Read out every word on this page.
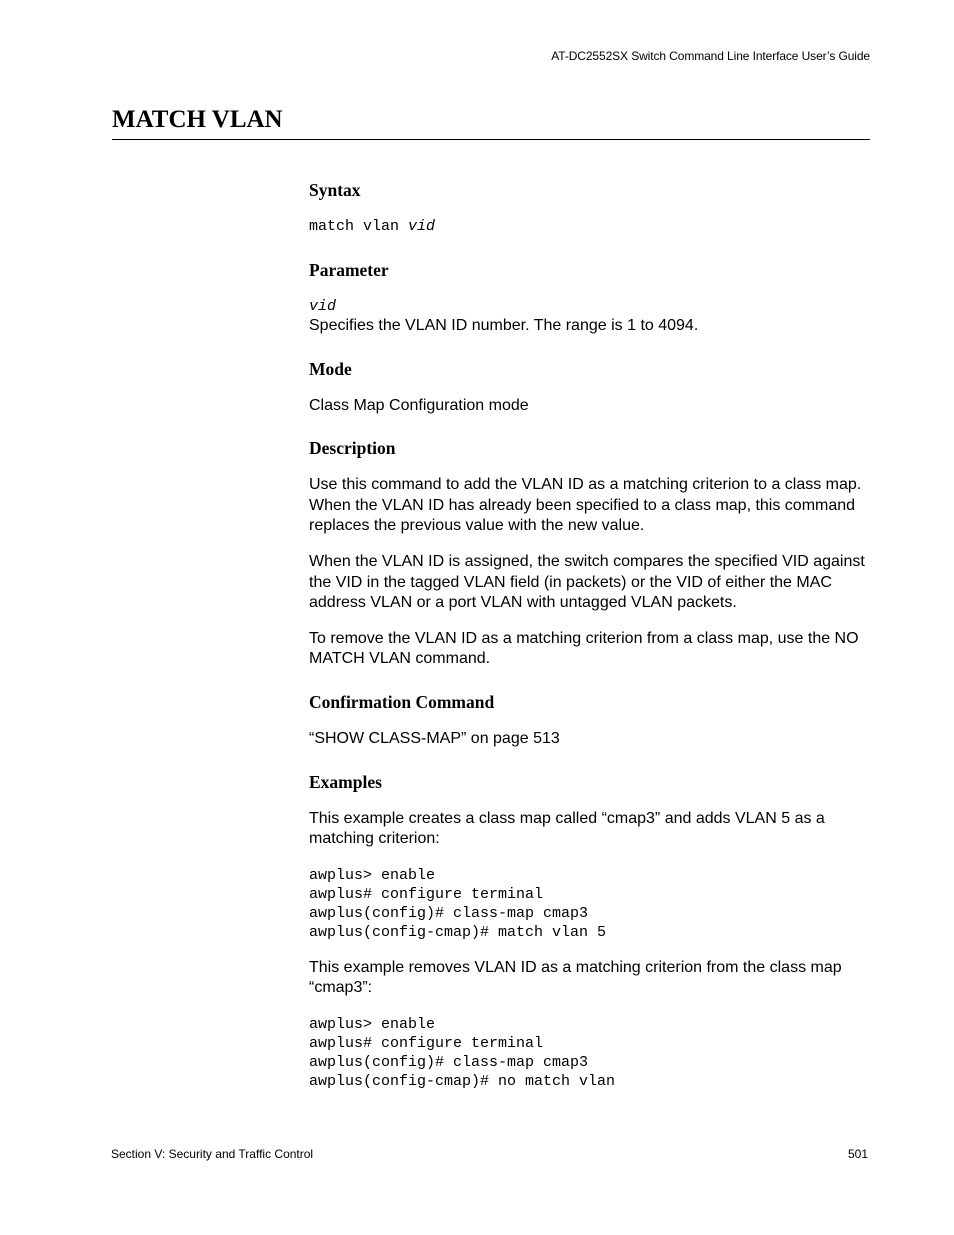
AT-DC2552SX Switch Command Line Interface User’s Guide
MATCH VLAN
Syntax
match vlan vid
Parameter
vid

Specifies the VLAN ID number. The range is 1 to 4094.

Mode

Class Map Configuration mode

Description

Use this command to add the VLAN ID as a matching criterion to a class map. When the VLAN ID has already been specified to a class map, this command replaces the previous value with the new value.

When the VLAN ID is assigned, the switch compares the specified VID against the VID in the tagged VLAN field (in packets) or the VID of either the MAC address VLAN or a port VLAN with untagged VLAN packets.

To remove the VLAN ID as a matching criterion from a class map, use the NO MATCH VLAN command.

Confirmation Command

“SHOW CLASS-MAP” on page 513

Examples

This example creates a class map called “cmap3” and adds VLAN 5 as a matching criterion:

awplus> enable
awplus# configure terminal
awplus(config)# class-map cmap3
awplus(config-cmap)# match vlan 5

This example removes VLAN ID as a matching criterion from the class map “cmap3”:

awplus> enable
awplus# configure terminal
awplus(config)# class-map cmap3
awplus(config-cmap)# no match vlan
Section V: Security and Traffic Control	501
